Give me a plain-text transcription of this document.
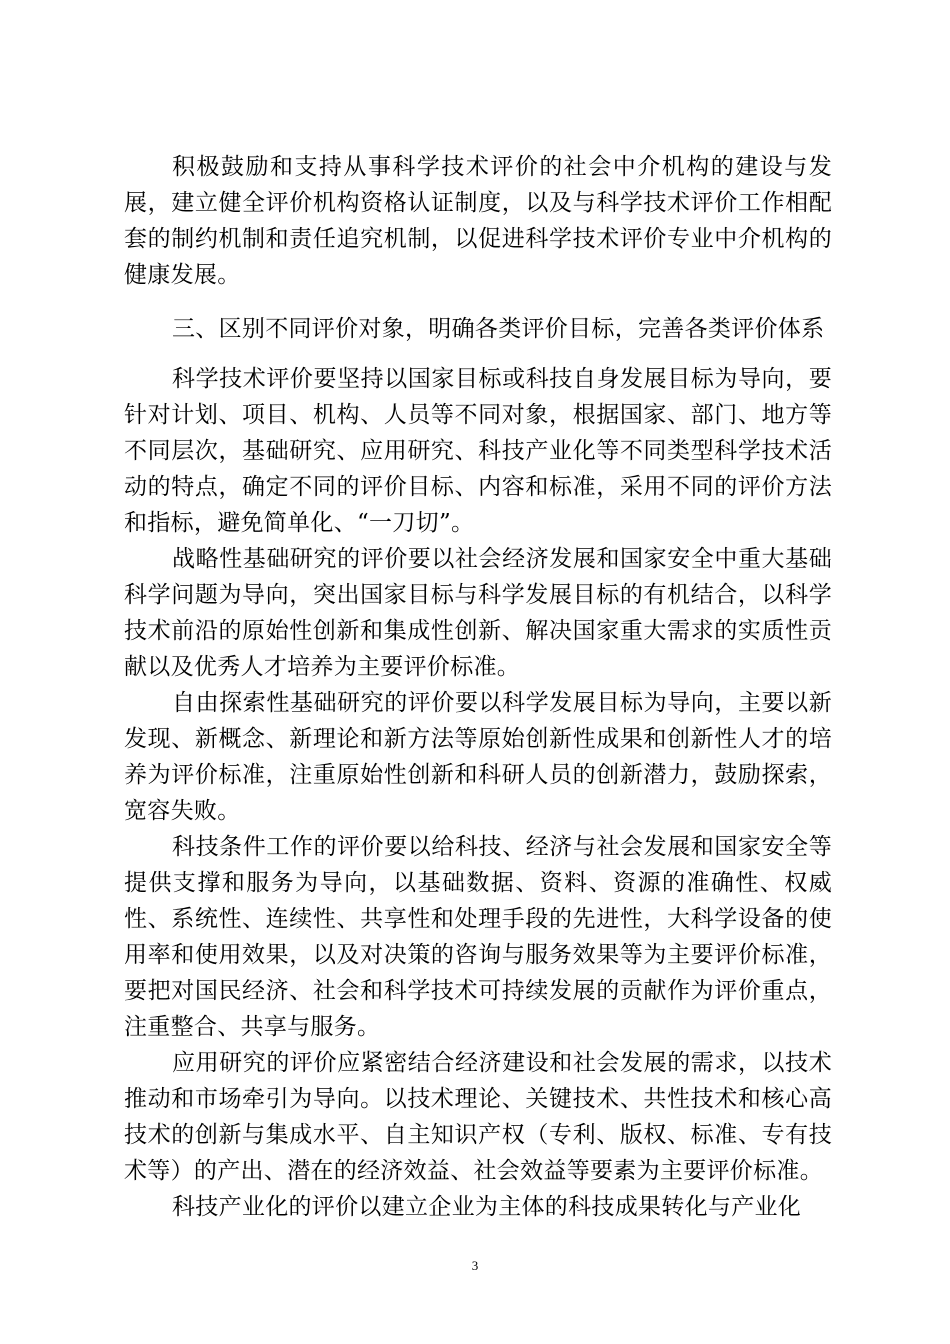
积极鼓励和支持从事科学技术评价的社会中介机构的建设与发展，建立健全评价机构资格认证制度，以及与科学技术评价工作相配套的制约机制和责任追究机制，以促进科学技术评价专业中介机构的健康发展。

三、区别不同评价对象，明确各类评价目标，完善各类评价体系

科学技术评价要坚持以国家目标或科技自身发展目标为导向，要针对计划、项目、机构、人员等不同对象，根据国家、部门、地方等不同层次，基础研究、应用研究、科技产业化等不同类型科学技术活动的特点，确定不同的评价目标、内容和标准，采用不同的评价方法和指标，避免简单化、“一刀切”。

战略性基础研究的评价要以社会经济发展和国家安全中重大基础科学问题为导向，突出国家目标与科学发展目标的有机结合，以科学技术前沿的原始性创新和集成性创新、解决国家重大需求的实质性贡献以及优秀人才培养为主要评价标准。

自由探索性基础研究的评价要以科学发展目标为导向，主要以新发现、新概念、新理论和新方法等原始创新性成果和创新性人才的培养为评价标准，注重原始性创新和科研人员的创新潜力，鼓励探索，宽容失败。

科技条件工作的评价要以给科技、经济与社会发展和国家安全等提供支撑和服务为导向，以基础数据、资料、资源的准确性、权威性、系统性、连续性、共享性和处理手段的先进性，大科学设备的使用率和使用效果，以及对决策的咨询与服务效果等为主要评价标准，要把对国民经济、社会和科学技术可持续发展的贡献作为评价重点，注重整合、共享与服务。

应用研究的评价应紧密结合经济建设和社会发展的需求，以技术推动和市场牵引为导向。以技术理论、关键技术、共性技术和核心高技术的创新与集成水平、自主知识产权（专利、版权、标准、专有技术等）的产出、潜在的经济效益、社会效益等要素为主要评价标准。

科技产业化的评价以建立企业为主体的科技成果转化与产业化

3
